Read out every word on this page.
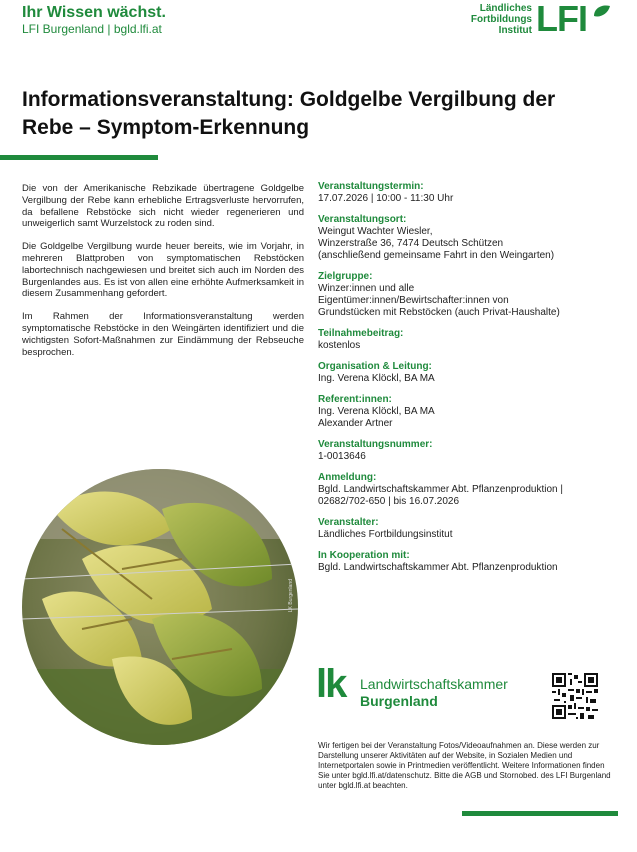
Ihr Wissen wächst.
LFI Burgenland | bgld.lfi.at
Ländliches
Fortbildungs
Institut LFI
Informationsveranstaltung: Goldgelbe Vergilbung der Rebe – Symptom-Erkennung

Die von der Amerikanische Rebzikade übertragene Goldgelbe Vergilbung der Rebe kann erhebliche Ertragsverluste hervorrufen, da befallene Rebstöcke sich nicht wieder regenerieren und unweigerlich samt Wurzelstock zu roden sind.

Die Goldgelbe Vergilbung wurde heuer bereits, wie im Vorjahr, in mehreren Blattproben von symptomatischen Rebstöcken labortechnisch nachgewiesen und breitet sich auch im Norden des Burgenlandes aus. Es ist von allen eine erhöhte Aufmerksamkeit in diesem Zusammenhang gefordert.

Im Rahmen der Informationsveranstaltung werden symptomatische Rebstöcke in den Weingärten identifiziert und die wichtigsten Sofort-Maßnahmen zur Eindämmung der Rebseuche besprochen.

Veranstaltungstermin:
17.07.2026 | 10:00 - 11:30 Uhr
Veranstaltungsort:
Weingut Wachter Wiesler,
Winzerstraße 36, 7474 Deutsch Schützen
(anschließend gemeinsame Fahrt in den Weingarten)
Zielgruppe:
Winzer:innen und alle
Eigentümer:innen/Bewirtschafter:innen von
Grundstücken mit Rebstöcken (auch Privat-Haushalte)
Teilnahmebeitrag:
kostenlos
Organisation & Leitung:
Ing. Verena Klöckl, BA MA
Referent:innen:
Ing. Verena Klöckl, BA MA
Alexander Artner
Veranstaltungsnummer:
1-0013646
Anmeldung:
Bgld. Landwirtschaftskammer Abt. Pflanzenproduktion |
02682/702-650 | bis 16.07.2026
Veranstalter:
Ländliches Fortbildungsinstitut
In Kooperation mit:
Bgld. Landwirtschaftskammer Abt. Pflanzenproduktion
LK Burgenland
lk Landwirtschaftskammer
Burgenland
Wir fertigen bei der Veranstaltung Fotos/Videoaufnahmen an. Diese werden zur Darstellung unserer Aktivitäten auf der Website, in Sozialen Medien und Internetportalen sowie in Printmedien veröffentlicht. Weitere Informationen finden Sie unter bgld.lfi.at/datenschutz. Bitte die AGB und Stornobed. des LFI Burgenland unter bgld.lfi.at beachten.
